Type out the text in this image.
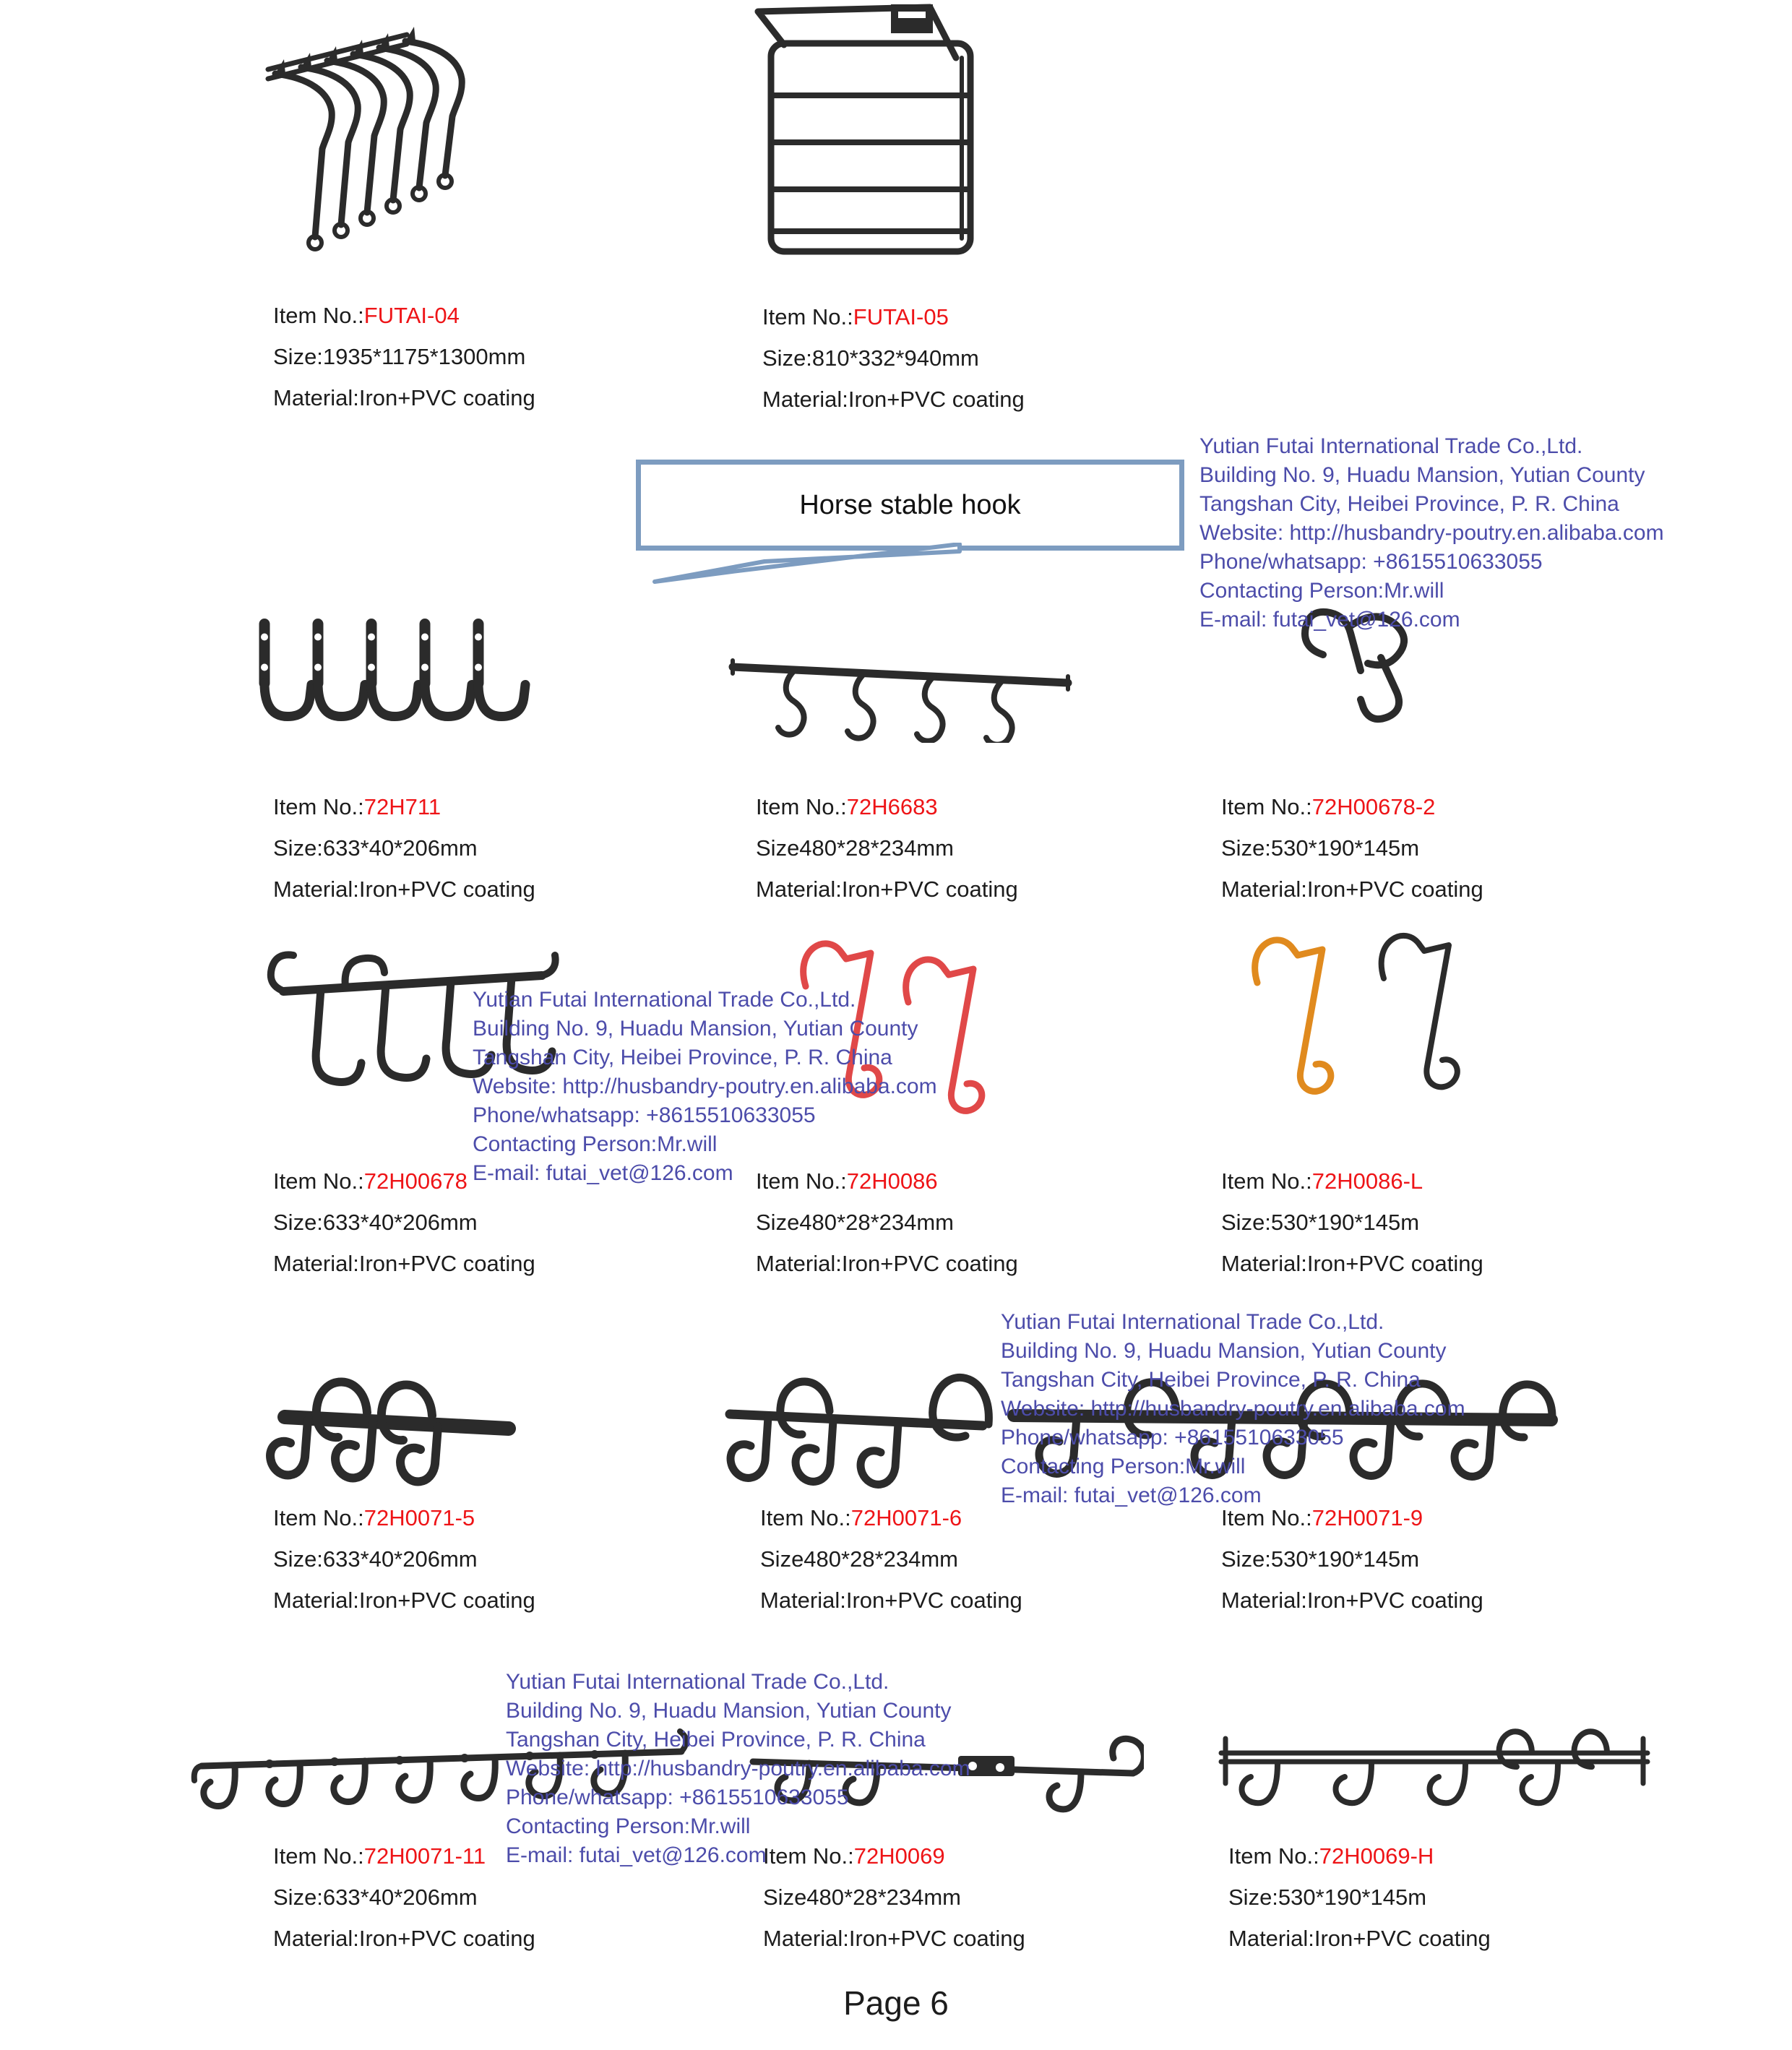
Horse stable hook
Yutian Futai International Trade Co.,Ltd.
Building No. 9, Huadu Mansion, Yutian County
Tangshan City, Heibei Province, P. R. China
Website: http://husbandry-poutry.en.alibaba.com
Phone/whatsapp: +8615510633055
Contacting Person:Mr.will
E-mail: futai_vet@126.com
Yutian Futai International Trade Co.,Ltd.
Building No. 9, Huadu Mansion, Yutian County
Tangshan City, Heibei Province, P. R. China
Website: http://husbandry-poutry.en.alibaba.com
Phone/whatsapp: +8615510633055
Contacting Person:Mr.will
E-mail: futai_vet@126.com
Yutian Futai International Trade Co.,Ltd.
Building No. 9, Huadu Mansion, Yutian County
Tangshan City, Heibei Province, P. R. China
Website: http://husbandry-poutry.en.alibaba.com
Phone/whatsapp: +8615510633055
Contacting Person:Mr.will
E-mail: futai_vet@126.com
Yutian Futai International Trade Co.,Ltd.
Building No. 9, Huadu Mansion, Yutian County
Tangshan City, Heibei Province, P. R. China
Website: http://husbandry-poutry.en.alibaba.com
Phone/whatsapp: +8615510633055
Contacting Person:Mr.will
E-mail: futai_vet@126.com
Item No.:FUTAI-04
Size:1935*1175*1300mm
Material:Iron+PVC coating
Item No.:FUTAI-05
Size:810*332*940mm
Material:Iron+PVC coating
Item No.:72H711
Size:633*40*206mm
Material:Iron+PVC coating
Item No.:72H6683
Size480*28*234mm
Material:Iron+PVC coating
Item No.:72H00678-2
Size:530*190*145m
Material:Iron+PVC coating
Item No.:72H00678
Size:633*40*206mm
Material:Iron+PVC coating
Item No.:72H0086
Size480*28*234mm
Material:Iron+PVC coating
Item No.:72H0086-L
Size:530*190*145m
Material:Iron+PVC coating
Item No.:72H0071-5
Size:633*40*206mm
Material:Iron+PVC coating
Item No.:72H0071-6
Size480*28*234mm
Material:Iron+PVC coating
Item No.:72H0071-9
Size:530*190*145m
Material:Iron+PVC coating
Item No.:72H0071-11
Size:633*40*206mm
Material:Iron+PVC coating
Item No.:72H0069
Size480*28*234mm
Material:Iron+PVC coating
Item No.:72H0069-H
Size:530*190*145m
Material:Iron+PVC coating
Page 6
